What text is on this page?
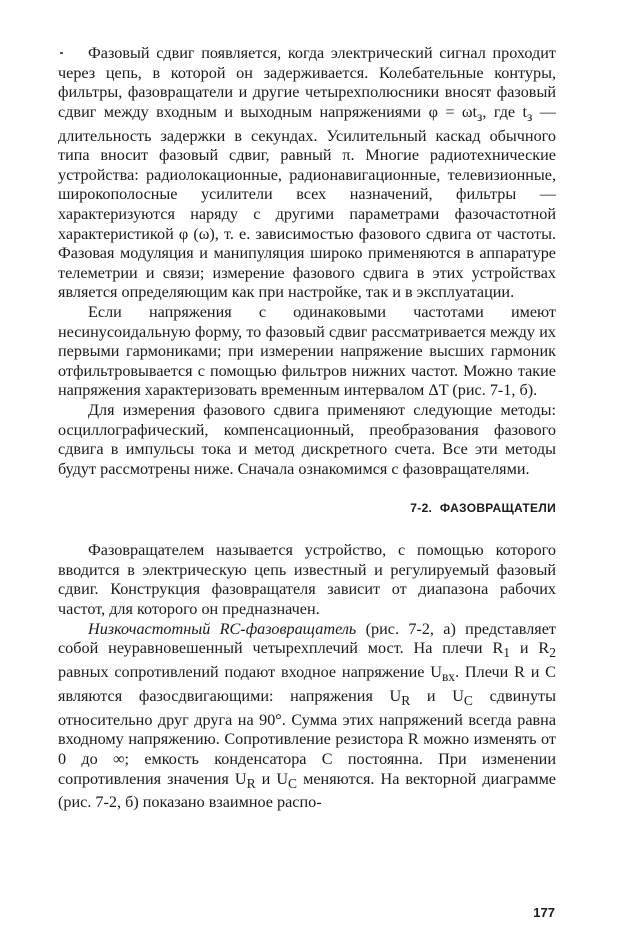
Фазовый сдвиг появляется, когда электрический сигнал проходит через цепь, в которой он задерживается. Колебательные контуры, фильтры, фазовращатели и другие четырехполюсники вносят фазовый сдвиг между входным и выходным напряжениями $\varphi = \omega t_з$, где $t_з$ — длительность задержки в секундах. Усилительный каскад обычного типа вносит фазовый сдвиг, равный π. Многие радиотехнические устройства: радиолокационные, радионавигационные, телевизионные, широкополосные усилители всех назначений, фильтры — характеризуются наряду с другими параметрами фазочастотной характеристикой φ (ω), т. е. зависимостью фазового сдвига от частоты. Фазовая модуляция и манипуляция широко применяются в аппаратуре телеметрии и связи; измерение фазового сдвига в этих устройствах является определяющим как при настройке, так и в эксплуатации.

Если напряжения с одинаковыми частотами имеют несинусоидальную форму, то фазовый сдвиг рассматривается между их первыми гармониками; при измерении напряжение высших гармоник отфильтровывается с помощью фильтров нижних частот. Можно такие напряжения характеризовать временным интервалом ΔT (рис. 7-1, б).

Для измерения фазового сдвига применяют следующие методы: осциллографический, компенсационный, преобразования фазового сдвига в импульсы тока и метод дискретного счета. Все эти методы будут рассмотрены ниже. Сначала ознакомимся с фазовращателями.

7-2. ФАЗОВРАЩАТЕЛИ

Фазовращателем называется устройство, с помощью которого вводится в электрическую цепь известный и регулируемый фазовый сдвиг. Конструкция фазовращателя зависит от диапазона рабочих частот, для которого он предназначен.

Низкочастотный RC-фазовращатель (рис. 7-2, а) представляет собой неуравновешенный четырехплечий мост. На плечи $R_1$ и $R_2$ равных сопротивлений подают входное напряжение $U_{вх}$. Плечи R и C являются фазосдвигающими: напряжения $U_R$ и $U_C$ сдвинуты относительно друг друга на 90°. Сумма этих напряжений всегда равна входному напряжению. Сопротивление резистора R можно изменять от 0 до ∞; емкость конденсатора C постоянна. При изменении сопротивления значения $U_R$ и $U_C$ меняются. На векторной диаграмме (рис. 7-2, б) показано взаимное распо-

177
